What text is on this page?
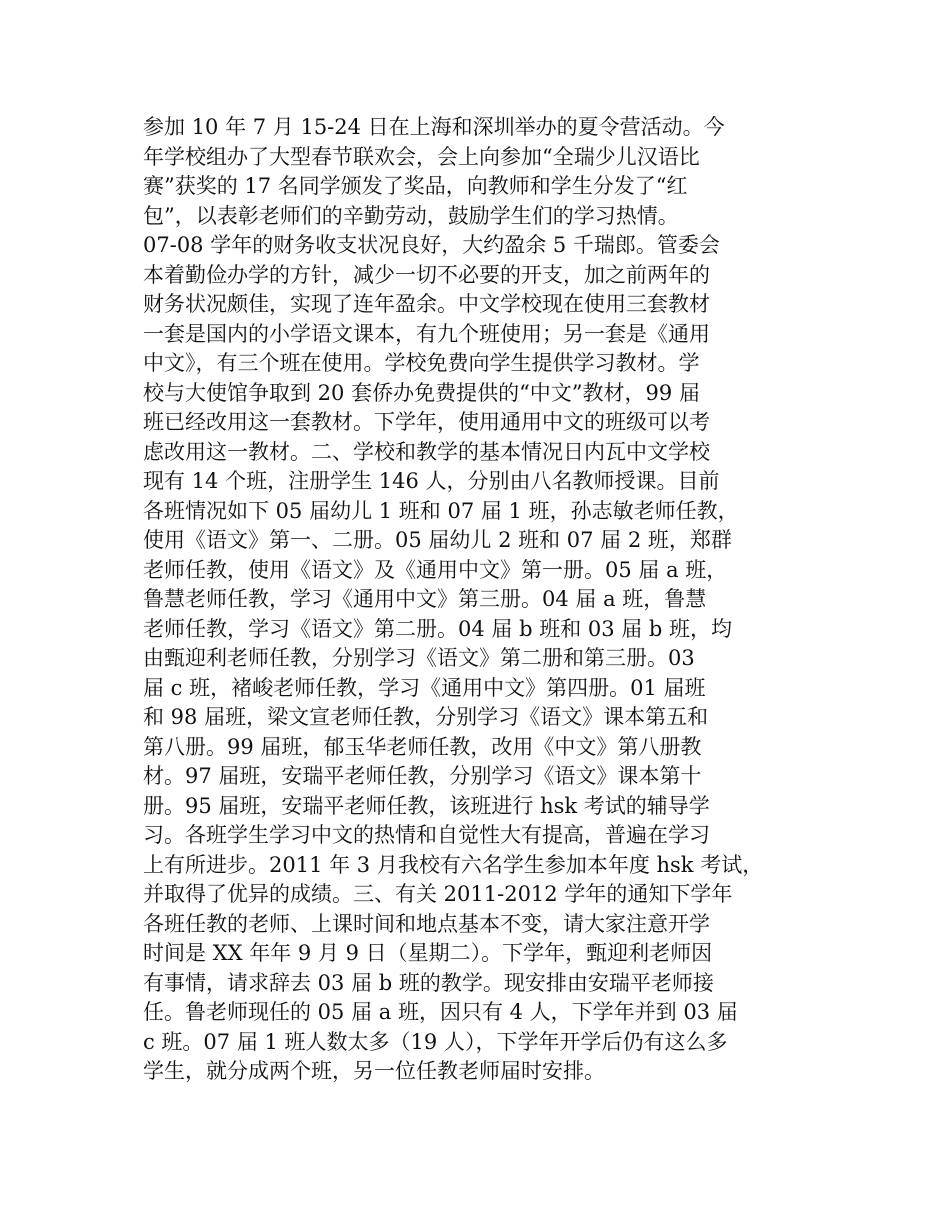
参加 10 年 7 月 15-24 日在上海和深圳举办的夏令营活动。今
年学校组办了大型春节联欢会，会上向参加“全瑞少儿汉语比
赛”获奖的 17 名同学颁发了奖品，向教师和学生分发了“红
包”，以表彰老师们的辛勤劳动，鼓励学生们的学习热情。
07-08 学年的财务收支状况良好，大约盈余 5 千瑞郎。管委会
本着勤俭办学的方针，减少一切不必要的开支，加之前两年的
财务状况颇佳，实现了连年盈余。中文学校现在使用三套教材
一套是国内的小学语文课本，有九个班使用；另一套是《通用
中文》，有三个班在使用。学校免费向学生提供学习教材。学
校与大使馆争取到 20 套侨办免费提供的“中文”教材，99 届
班已经改用这一套教材。下学年，使用通用中文的班级可以考
虑改用这一教材。二、学校和教学的基本情况日内瓦中文学校
现有 14 个班，注册学生 146 人，分别由八名教师授课。目前
各班情况如下 05 届幼儿 1 班和 07 届 1 班，孙志敏老师任教，
使用《语文》第一、二册。05 届幼儿 2 班和 07 届 2 班，郑群
老师任教，使用《语文》及《通用中文》第一册。05 届 a 班，
鲁慧老师任教，学习《通用中文》第三册。04 届 a 班，鲁慧
老师任教，学习《语文》第二册。04 届 b 班和 03 届 b 班，均
由甄迎利老师任教，分别学习《语文》第二册和第三册。03
届 c 班，褚峻老师任教，学习《通用中文》第四册。01 届班
和 98 届班，梁文宣老师任教，分别学习《语文》课本第五和
第八册。99 届班，郁玉华老师任教，改用《中文》第八册教
材。97 届班，安瑞平老师任教，分别学习《语文》课本第十
册。95 届班，安瑞平老师任教，该班进行 hsk 考试的辅导学
习。各班学生学习中文的热情和自觉性大有提高，普遍在学习
上有所进步。2011 年 3 月我校有六名学生参加本年度 hsk 考试，
并取得了优异的成绩。三、有关 2011-2012 学年的通知下学年
各班任教的老师、上课时间和地点基本不变，请大家注意开学
时间是 XX 年年 9 月 9 日（星期二）。下学年，甄迎利老师因
有事情，请求辞去 03 届 b 班的教学。现安排由安瑞平老师接
任。鲁老师现任的 05 届 a 班，因只有 4 人，下学年并到 03 届
c 班。07 届 1 班人数太多（19 人），下学年开学后仍有这么多
学生，就分成两个班，另一位任教老师届时安排。
